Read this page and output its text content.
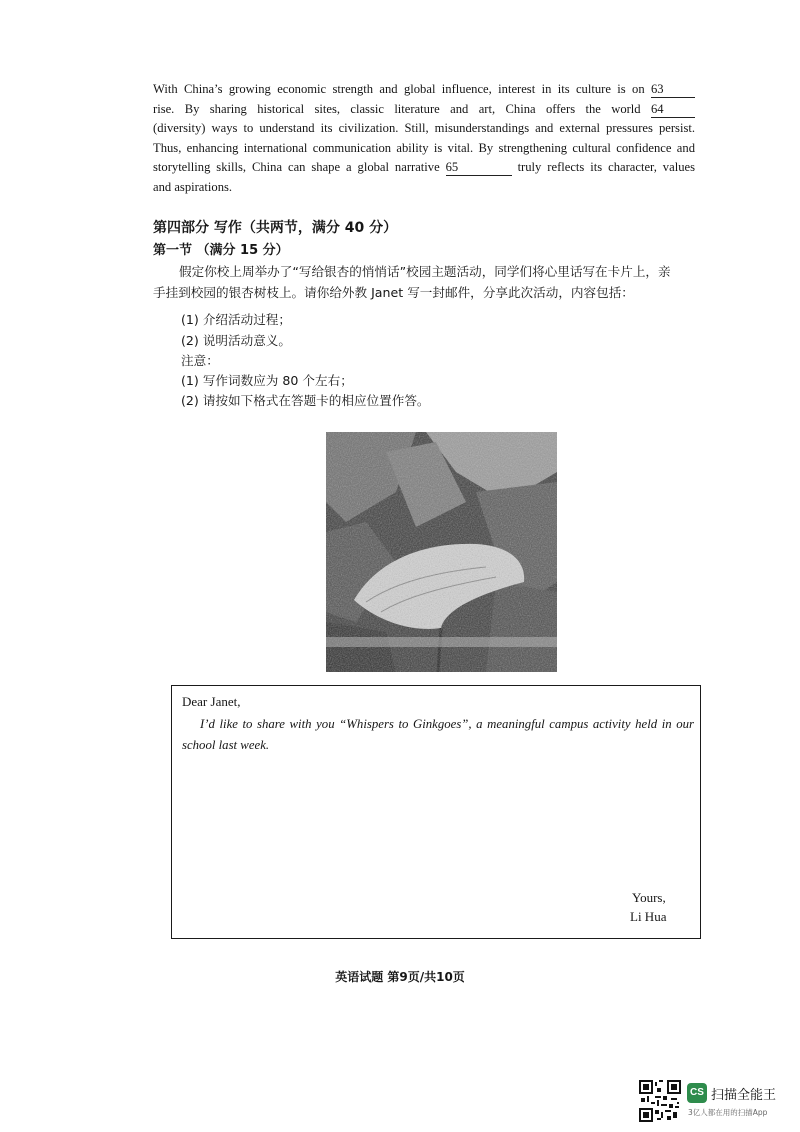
With China’s growing economic strength and global influence, interest in its culture is on 63
rise. By sharing historical sites, classic literature and art, China offers the world 64
(diversity) ways to understand its civilization. Still, misunderstandings and external pressures persist.
Thus, enhancing international communication ability is vital. By strengthening cultural confidence and
storytelling skills, China can shape a global narrative 65	truly reflects its character, values
and aspirations.
第四部分 写作（共两节，满分 40 分）
第一节 （满分 15 分）
假定你校上周举办了“写给银杏的悄悄话”校园主题活动，同学们将心里话写在卡片上，亲
手挂到校园的银杏树枝上。请你给外教 Janet 写一封邮件，分享此次活动，内容包括：
(1) 介绍活动过程；
(2) 说明活动意义。
注意：
(1) 写作词数应为 80 个左右；
(2) 请按如下格式在答题卡的相应位置作答。
Dear Janet,
I’d like to share with you “Whispers to Ginkgoes”, a meaningful campus activity held in our school last week.
Yours,
Li Hua
英语试题 第9页/共10页
CS 扫描全能王
3亿人都在用的扫描App
